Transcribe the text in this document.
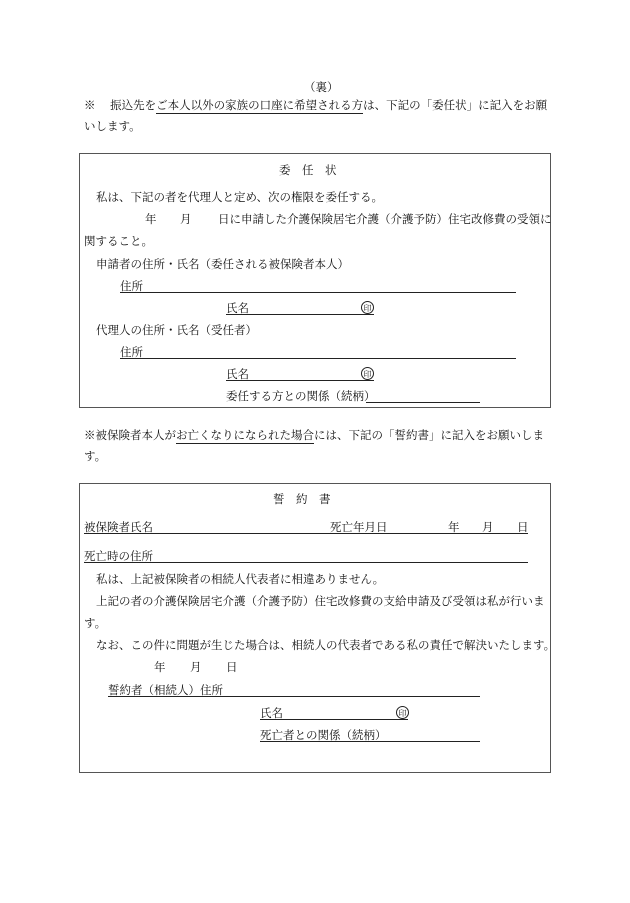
（裏）
※ 振込先をご本人以外の家族の口座に希望される方は、下記の「委任状」に記入をお願
いします。
委　任　状
私は、下記の者を代理人と定め、次の権限を委任する。
年 月 日に申請した介護保険居宅介護（介護予防）住宅改修費の受領に
関すること。
申請者の住所・氏名（委任される被保険者本人）
住所
氏名	印
代理人の住所・氏名（受任者）
住所
氏名	印
委任する方との関係（続柄）
※被保険者本人がお亡くなりになられた場合には、下記の「誓約書」に記入をお願いしま
す。
誓　約　書
被保険者氏名	死亡年月日	年 月 日
死亡時の住所
私は、上記被保険者の相続人代表者に相違ありません。
上記の者の介護保険居宅介護（介護予防）住宅改修費の支給申請及び受領は私が行いま
す。
なお、この件に問題が生じた場合は、相続人の代表者である私の責任で解決いたします。
年 月 日
誓約者（相続人）住所
氏名	印
死亡者との関係（続柄）
